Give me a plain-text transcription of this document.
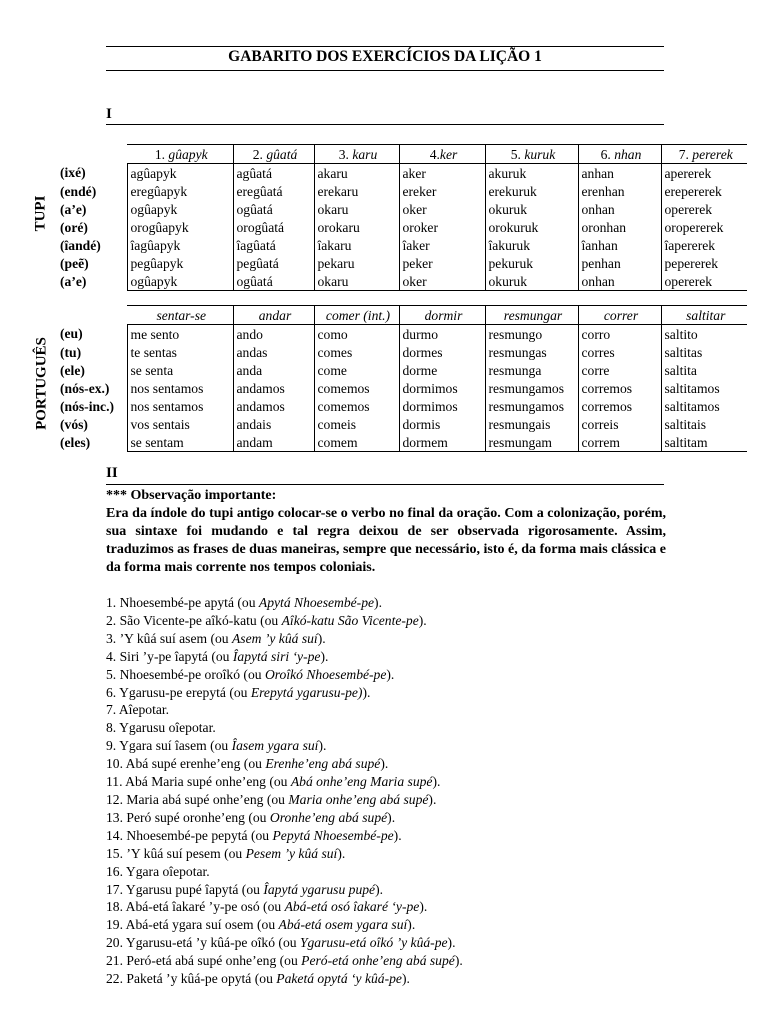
GABARITO DOS EXERCÍCIOS DA LIÇÃO 1
I
TUPI
PORTUGUÊS
	1. gûapyk	2. gûatá	3. karu	4.ker	5. kuruk	6. nhan	7. pererek
(ixé)	agûapyk	agûatá	akaru	aker	akuruk	anhan	apererek
(endé)	eregûapyk	eregûatá	erekaru	ereker	erekuruk	erenhan	erepererek
(a’e)	ogûapyk	ogûatá	okaru	oker	okuruk	onhan	opererek
(oré)	orogûapyk	orogûatá	orokaru	oroker	orokuruk	oronhan	oropererek
(îandé)	îagûapyk	îagûatá	îakaru	îaker	îakuruk	îanhan	îapererek
(peẽ)	pegûapyk	pegûatá	pekaru	peker	pekuruk	penhan	pepererek
(a’e)	ogûapyk	ogûatá	okaru	oker	okuruk	onhan	opererek
	sentar-se	andar	comer (int.)	dormir	resmungar	correr	saltitar
(eu)	me sento	ando	como	durmo	resmungo	corro	saltito
(tu)	te sentas	andas	comes	dormes	resmungas	corres	saltitas
(ele)	se senta	anda	come	dorme	resmunga	corre	saltita
(nós-ex.)	nos sentamos	andamos	comemos	dormimos	resmungamos	corremos	saltitamos
(nós-inc.)	nos sentamos	andamos	comemos	dormimos	resmungamos	corremos	saltitamos
(vós)	vos sentais	andais	comeis	dormis	resmungais	correis	saltitais
(eles)	se sentam	andam	comem	dormem	resmungam	correm	saltitam
II

*** Observação importante:

Era da índole do tupi antigo colocar-se o verbo no final da oração. Com a colonização, porém, sua sintaxe foi mudando e tal regra deixou de ser observada rigorosamente. Assim, traduzimos as frases de duas maneiras, sempre que necessário, isto é, da forma mais clássica e da forma mais corrente nos tempos coloniais.

1. Nhoesembé-pe apytá (ou Apytá Nhoesembé-pe).
2. São Vicente-pe aîkó-katu (ou Aîkó-katu São Vicente-pe).
3. ’Y kûá suí asem (ou Asem ’y kûá suí).
4. Siri ’y-pe îapytá (ou Îapytá siri ‘y-pe).
5. Nhoesembé-pe oroîkó (ou Oroîkó Nhoesembé-pe).
6. Ygarusu-pe erepytá (ou Erepytá ygarusu-pe)).
7. Aîepotar.
8. Ygarusu oîepotar.
9. Ygara suí îasem (ou Îasem ygara suí).
10. Abá supé erenhe’eng (ou Erenhe’eng abá supé).
11. Abá Maria supé onhe’eng (ou Abá onhe’eng Maria supé).
12. Maria abá supé onhe’eng (ou Maria onhe’eng abá supé).
13. Peró supé oronhe’eng (ou Oronhe’eng abá supé).
14. Nhoesembé-pe pepytá (ou Pepytá Nhoesembé-pe).
15. ’Y kûá suí pesem (ou Pesem ’y kûá suí).
16. Ygara oîepotar.
17. Ygarusu pupé îapytá (ou Îapytá ygarusu pupé).
18. Abá-etá îakaré ’y-pe osó (ou Abá-etá osó îakaré ‘y-pe).
19. Abá-etá ygara suí osem (ou Abá-etá osem ygara suí).
20. Ygarusu-etá ’y kûá-pe oîkó (ou Ygarusu-etá oîkó ’y kûá-pe).
21. Peró-etá abá supé onhe’eng (ou Peró-etá onhe’eng abá supé).
22. Paketá ’y kûá-pe opytá (ou Paketá opytá ‘y kûá-pe).
